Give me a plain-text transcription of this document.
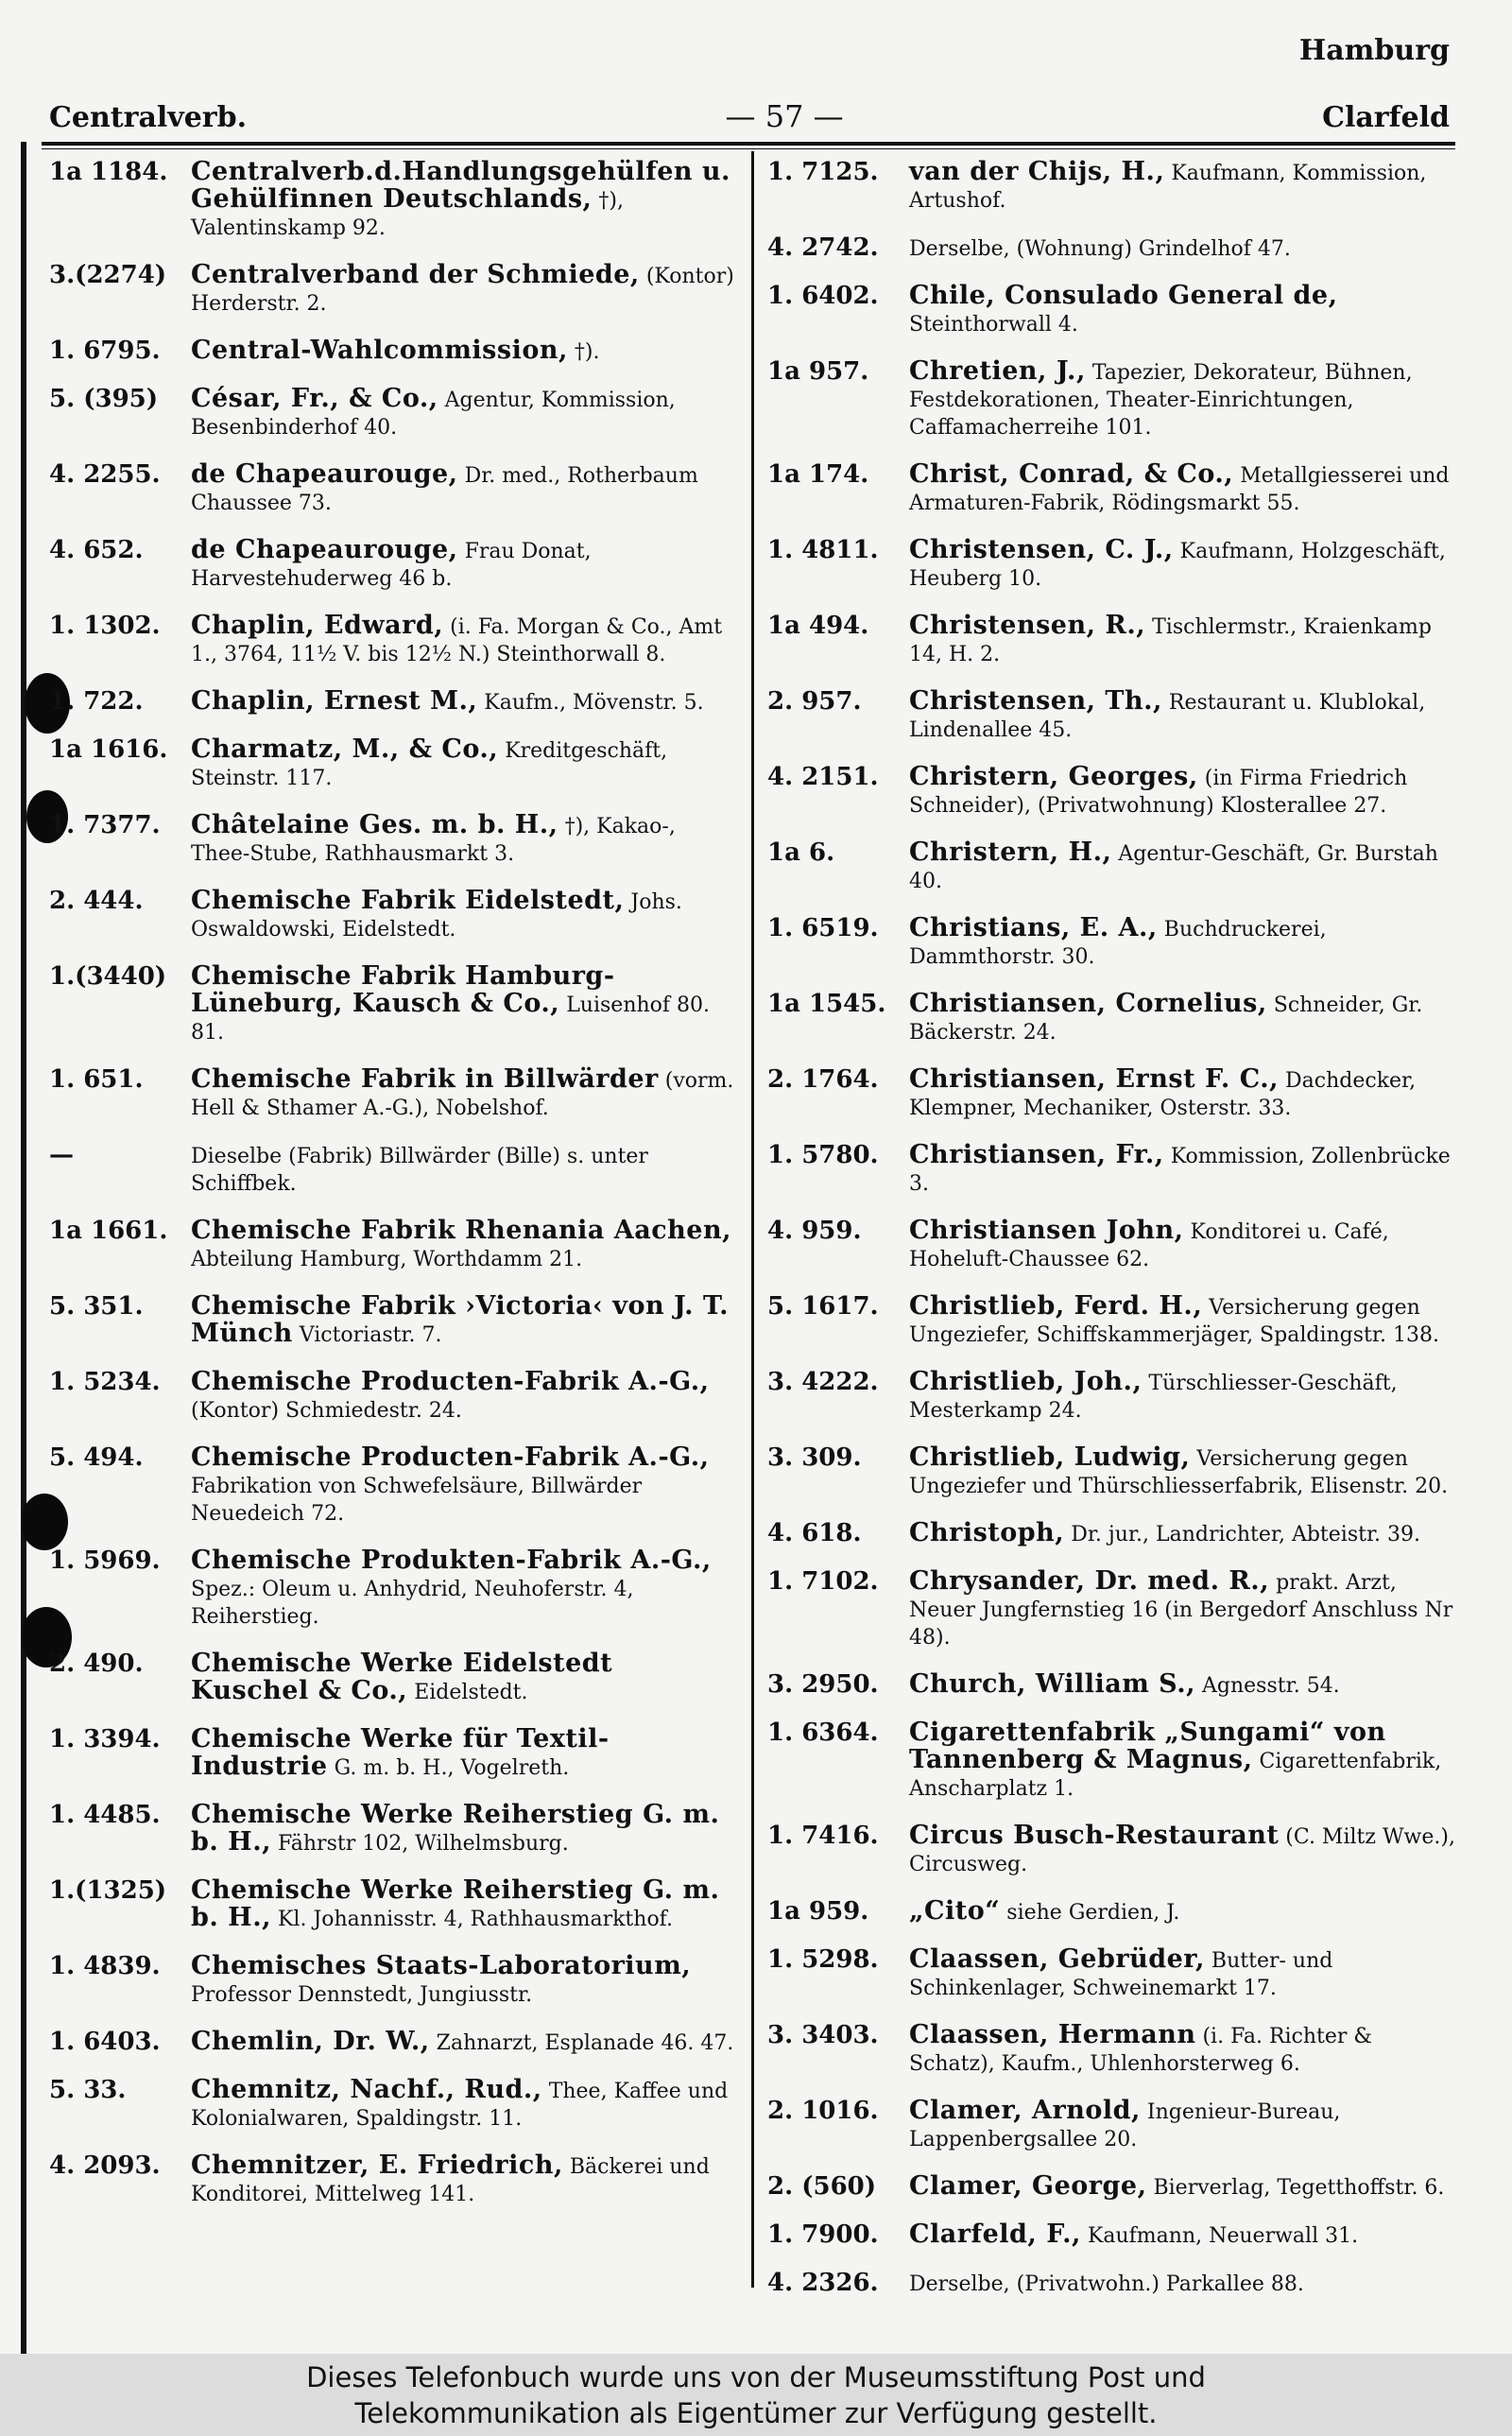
Hamburg
Centralverb.	— 57 —	Clarfeld
1a 1184. Centralverb.d.Handlungsgehülfen u. Gehülfinnen Deutschlands, †), Valentinskamp 92.
3.(2274) Centralverband der Schmiede, (Kontor) Herderstr. 2.
1. 6795.	Central-Wahlcommission, †).
5. (395)	César, Fr., & Co., Agentur, Kommission, Besenbinderhof 40.
4. 2255.	de Chapeaurouge, Dr. med., Rotherbaum Chaussee 73.
4. 652.	de Chapeaurouge, Frau Donat, Harvestehuderweg 46 b.
1. 1302.	Chaplin, Edward, (i. Fa. Morgan & Co., Amt 1., 3764, 11½ V. bis 12½ N.) Steinthorwall 8.
1. 722.	Chaplin, Ernest M., Kaufm., Mövenstr. 5.
1a 1616. Charmatz, M., & Co., Kreditgeschäft, Steinstr. 117.
1. 7377.	Châtelaine Ges. m. b. H., †), Kakao-, Thee-Stube, Rathhausmarkt 3.
2. 444.	Chemische Fabrik Eidelstedt, Johs. Oswaldowski, Eidelstedt.
1.(3440) Chemische Fabrik Hamburg-Lüneburg, Kausch & Co., Luisenhof 80. 81.
1. 651.	Chemische Fabrik in Billwärder (vorm. Hell & Sthamer A.-G.), Nobelshof.
—	Dieselbe (Fabrik) Billwärder (Bille) s. unter Schiffbek.
1a 1661. Chemische Fabrik Rhenania Aachen, Abteilung Hamburg, Worthdamm 21.
5. 351.	Chemische Fabrik ›Victoria‹ von J. T. Münch Victoriastr. 7.
1. 5234.	Chemische Producten-Fabrik A.-G., (Kontor) Schmiedestr. 24.
5. 494.	Chemische Producten-Fabrik A.-G., Fabrikation von Schwefelsäure, Billwärder Neuedeich 72.
1. 5969.	Chemische Produkten-Fabrik A.-G., Spez.: Oleum u. Anhydrid, Neuhoferstr. 4, Reiherstieg.
2. 490.	Chemische Werke Eidelstedt Kuschel & Co., Eidelstedt.
1. 3394.	Chemische Werke für Textil-Industrie G. m. b. H., Vogelreth.
1. 4485.	Chemische Werke Reiherstieg G. m. b. H., Fährstr 102, Wilhelmsburg.
1.(1325) Chemische Werke Reiherstieg G. m. b. H., Kl. Johannisstr. 4, Rathhausmarkthof.
1. 4839.	Chemisches Staats-Laboratorium, Professor Dennstedt, Jungiusstr.
1. 6403.	Chemlin, Dr. W., Zahnarzt, Esplanade 46. 47.
5. 33.	Chemnitz, Nachf., Rud., Thee, Kaffee und Kolonialwaren, Spaldingstr. 11.
4. 2093.	Chemnitzer, E. Friedrich, Bäckerei und Konditorei, Mittelweg 141.
1. 7125.	van der Chijs, H., Kaufmann, Kommission, Artushof.
4. 2742.	Derselbe, (Wohnung) Grindelhof 47.
1. 6402.	Chile, Consulado General de, Steinthorwall 4.
1a 957.	Chretien, J., Tapezier, Dekorateur, Bühnen, Festdekorationen, Theater-Einrichtungen, Caffamacherreihe 101.
1a 174.	Christ, Conrad, & Co., Metallgiesserei und Armaturen-Fabrik, Rödingsmarkt 55.
1. 4811.	Christensen, C. J., Kaufmann, Holzgeschäft, Heuberg 10.
1a 494.	Christensen, R., Tischlermstr., Kraienkamp 14, H. 2.
2. 957.	Christensen, Th., Restaurant u. Klublokal, Lindenallee 45.
4. 2151.	Christern, Georges, (in Firma Friedrich Schneider), (Privatwohnung) Klosterallee 27.
1a 6.	Christern, H., Agentur-Geschäft, Gr. Burstah 40.
1. 6519.	Christians, E. A., Buchdruckerei, Dammthorstr. 30.
1a 1545. Christiansen, Cornelius, Schneider, Gr. Bäckerstr. 24.
2. 1764.	Christiansen, Ernst F. C., Dachdecker, Klempner, Mechaniker, Osterstr. 33.
1. 5780.	Christiansen, Fr., Kommission, Zollenbrücke 3.
4. 959.	Christiansen John, Konditorei u. Café, Hoheluft-Chaussee 62.
5. 1617.	Christlieb, Ferd. H., Versicherung gegen Ungeziefer, Schiffskammerjäger, Spaldingstr. 138.
3. 4222.	Christlieb, Joh., Türschliesser-Geschäft, Mesterkamp 24.
3. 309.	Christlieb, Ludwig, Versicherung gegen Ungeziefer und Thürschliesserfabrik, Elisenstr. 20.
4. 618.	Christoph, Dr. jur., Landrichter, Abteistr. 39.
1. 7102.	Chrysander, Dr. med. R., prakt. Arzt, Neuer Jungfernstieg 16 (in Bergedorf Anschluss Nr 48).
3. 2950.	Church, William S., Agnesstr. 54.
1. 6364.	Cigarettenfabrik „Sungami“ von Tannenberg & Magnus, Cigarettenfabrik, Anscharplatz 1.
1. 7416.	Circus Busch-Restaurant (C. Miltz Wwe.), Circusweg.
1a 959.	„Cito“ siehe Gerdien, J.
1. 5298.	Claassen, Gebrüder, Butter- und Schinkenlager, Schweinemarkt 17.
3. 3403.	Claassen, Hermann (i. Fa. Richter & Schatz), Kaufm., Uhlenhorsterweg 6.
2. 1016.	Clamer, Arnold, Ingenieur-Bureau, Lappenbergsallee 20.
2. (560)	Clamer, George, Bierverlag, Tegetthoffstr. 6.
1. 7900.	Clarfeld, F., Kaufmann, Neuerwall 31.
4. 2326.	Derselbe, (Privatwohn.) Parkallee 88.
Dieses Telefonbuch wurde uns von der Museumsstiftung Post und
Telekommunikation als Eigentümer zur Verfügung gestellt.
